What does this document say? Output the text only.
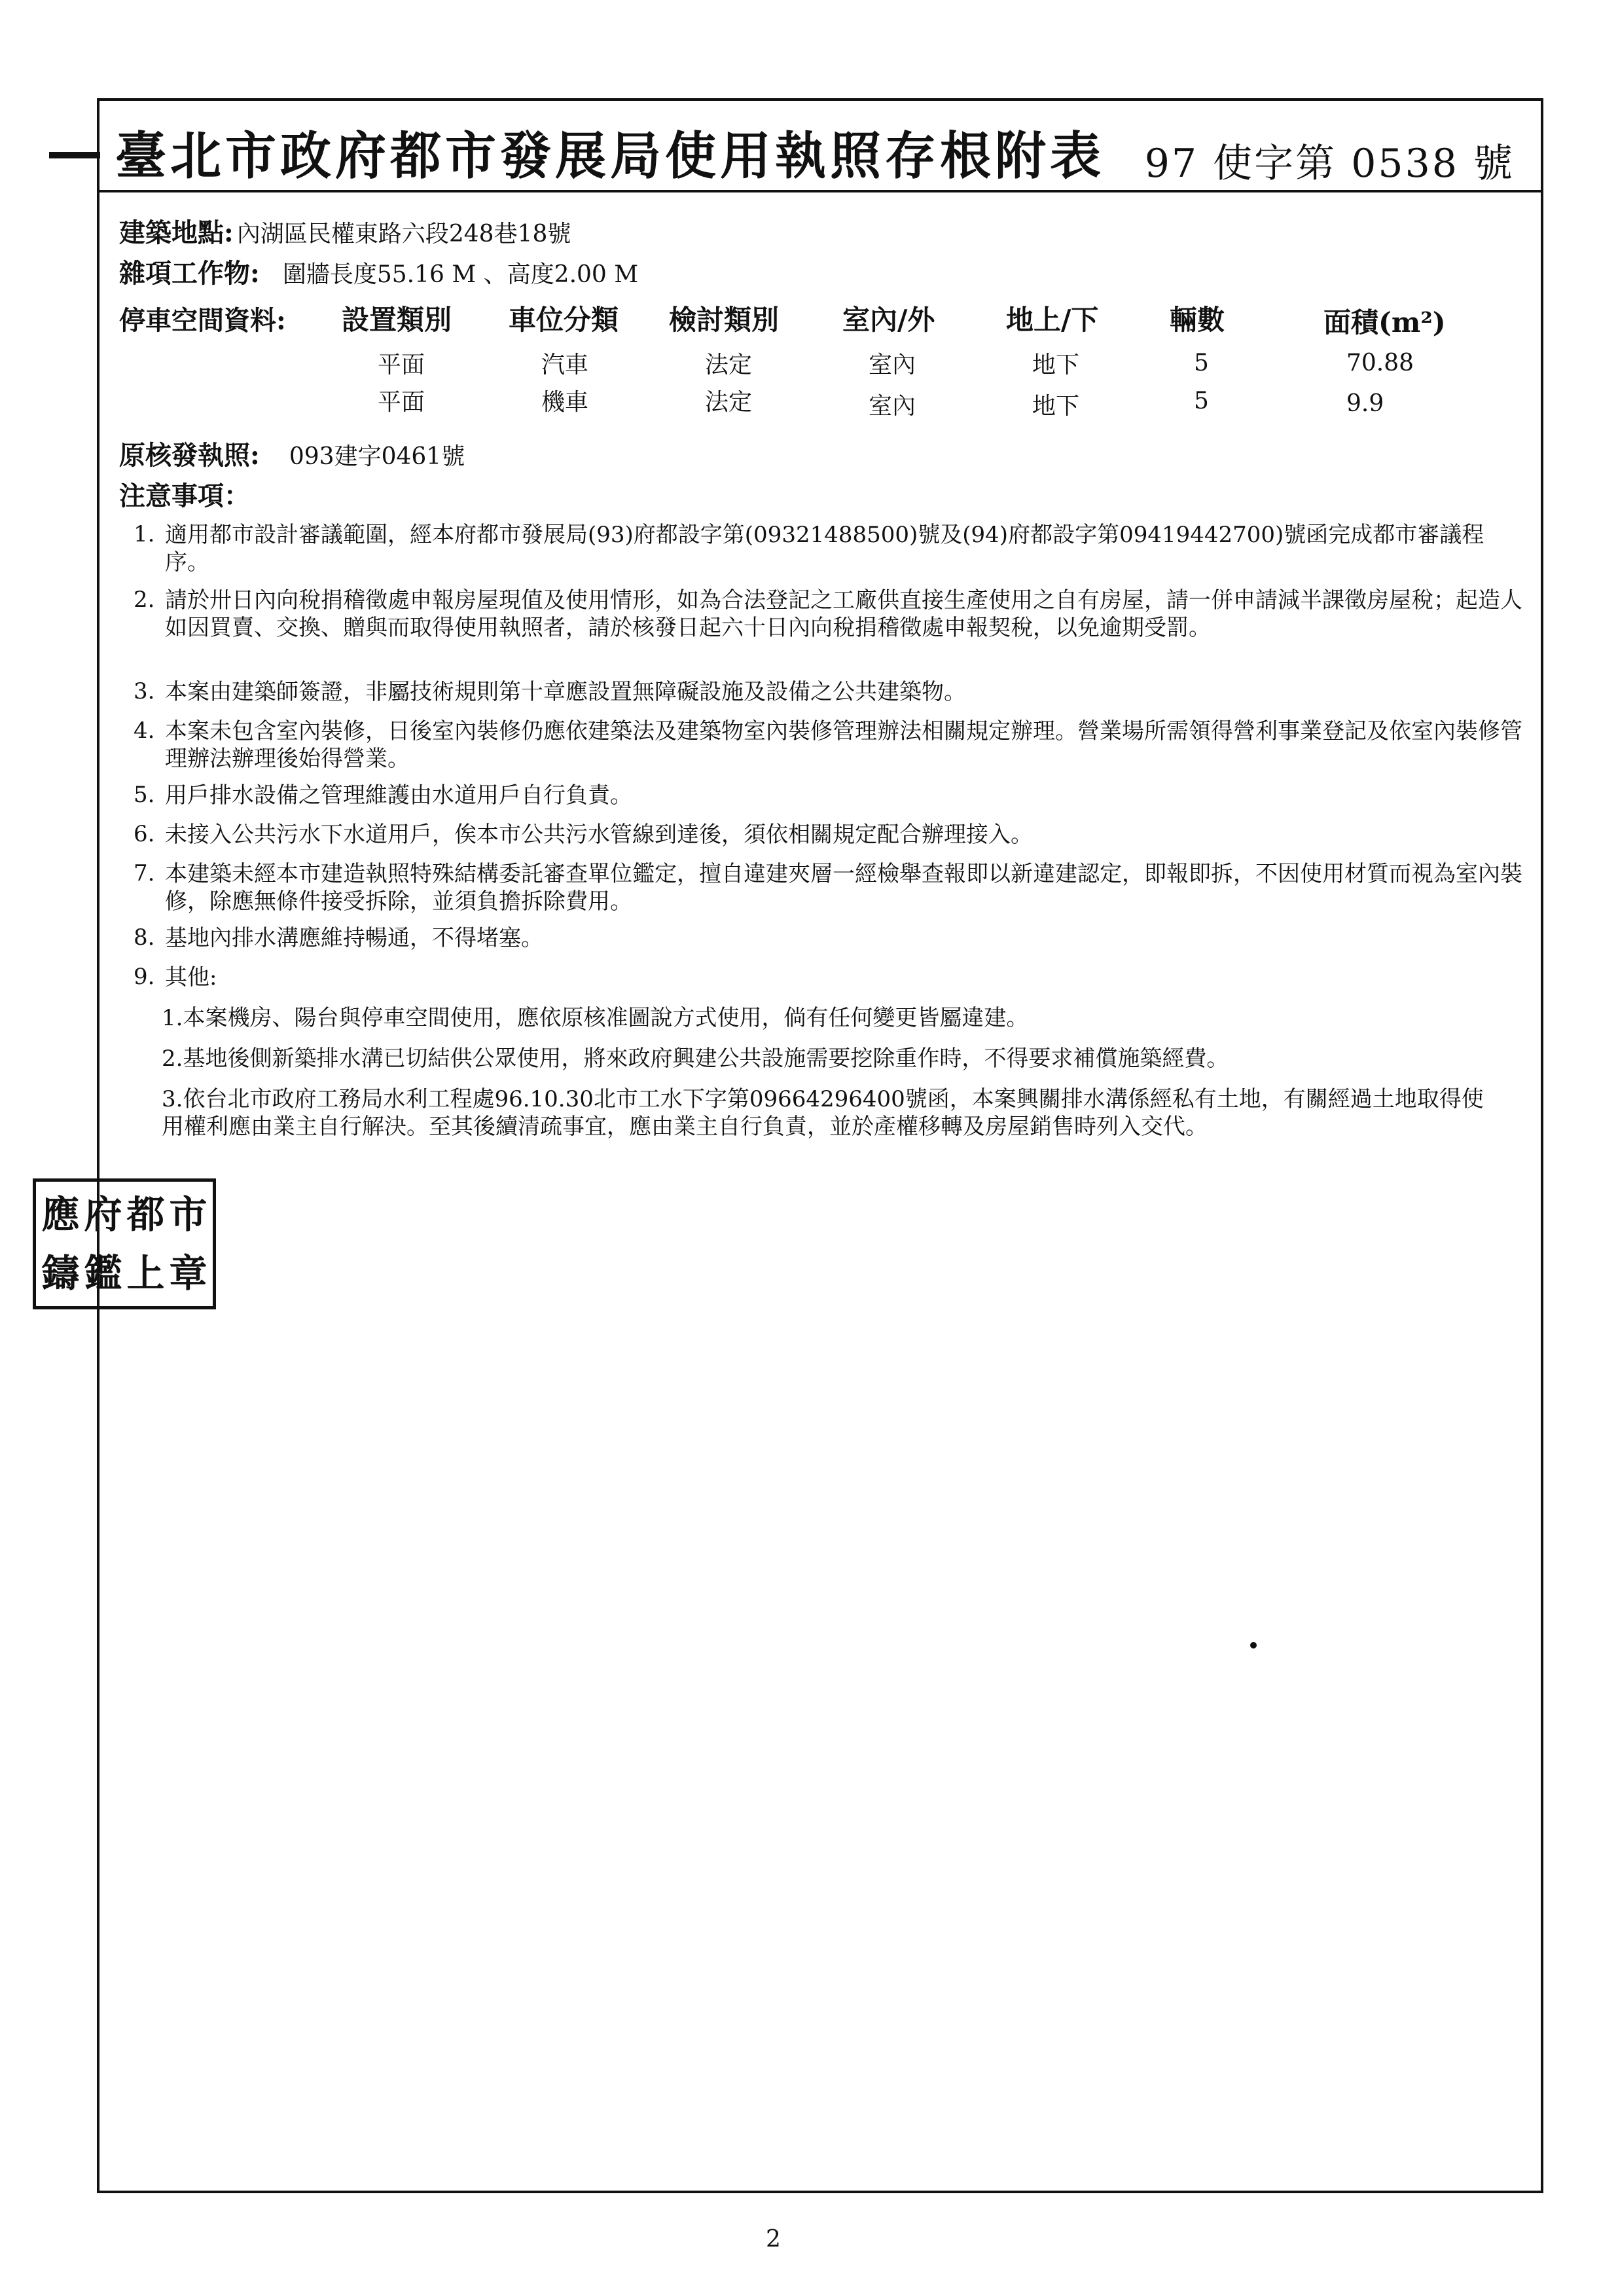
臺北市政府都市發展局使用執照存根附表 97 使字第 0538 號
建築地點: 內湖區民權東路六段248巷18號
雜項工作物: 圍牆長度55.16 M 、高度2.00 M
停車空間資料: 設置類別 車位分類 檢討類別 室內/外	地上/下	輛數	面積(m²)
平面	汽車	法定	室內	地下	5	70.88
平面	機車	法定	室內	地下	5	9.9
原核發執照: 093建字0461號
注意事項：
1. 適用都市設計審議範圍，經本府都市發展局(93)府都設字第(09321488500)號及(94)府都設字第09419442700)號函完成都市審議程序。
2. 請於卅日內向稅捐稽徵處申報房屋現值及使用情形，如為合法登記之工廠供直接生產使用之自有房屋，請一併申請減半課徵房屋稅；起造人如因買賣、交換、贈與而取得使用執照者，請於核發日起六十日內向稅捐稽徵處申報契稅，以免逾期受罰。
3. 本案由建築師簽證，非屬技術規則第十章應設置無障礙設施及設備之公共建築物。
4. 本案未包含室內裝修，日後室內裝修仍應依建築法及建築物室內裝修管理辦法相關規定辦理。營業場所需領得營利事業登記及依室內裝修管理辦法辦理後始得營業。
5. 用戶排水設備之管理維護由水道用戶自行負責。
6. 未接入公共污水下水道用戶，俟本市公共污水管線到達後，須依相關規定配合辦理接入。
7. 本建築未經本市建造執照特殊結構委託審查單位鑑定，擅自違建夾層一經檢舉查報即以新違建認定，即報即拆，不因使用材質而視為室內裝修，除應無條件接受拆除，並須負擔拆除費用。
8. 基地內排水溝應維持暢通，不得堵塞。
9. 其他:
1.本案機房、陽台與停車空間使用，應依原核准圖說方式使用，倘有任何變更皆屬違建。
2.基地後側新築排水溝已切結供公眾使用，將來政府興建公共設施需要挖除重作時，不得要求補償施築經費。
3.依台北市政府工務局水利工程處96.10.30北市工水下字第09664296400號函，本案興關排水溝係經私有土地，有關經過土地取得使用權利應由業主自行解決。至其後續清疏事宜，應由業主自行負責，並於產權移轉及房屋銷售時列入交代。
應 府 都 市
鑄 鑑 上 章
2
